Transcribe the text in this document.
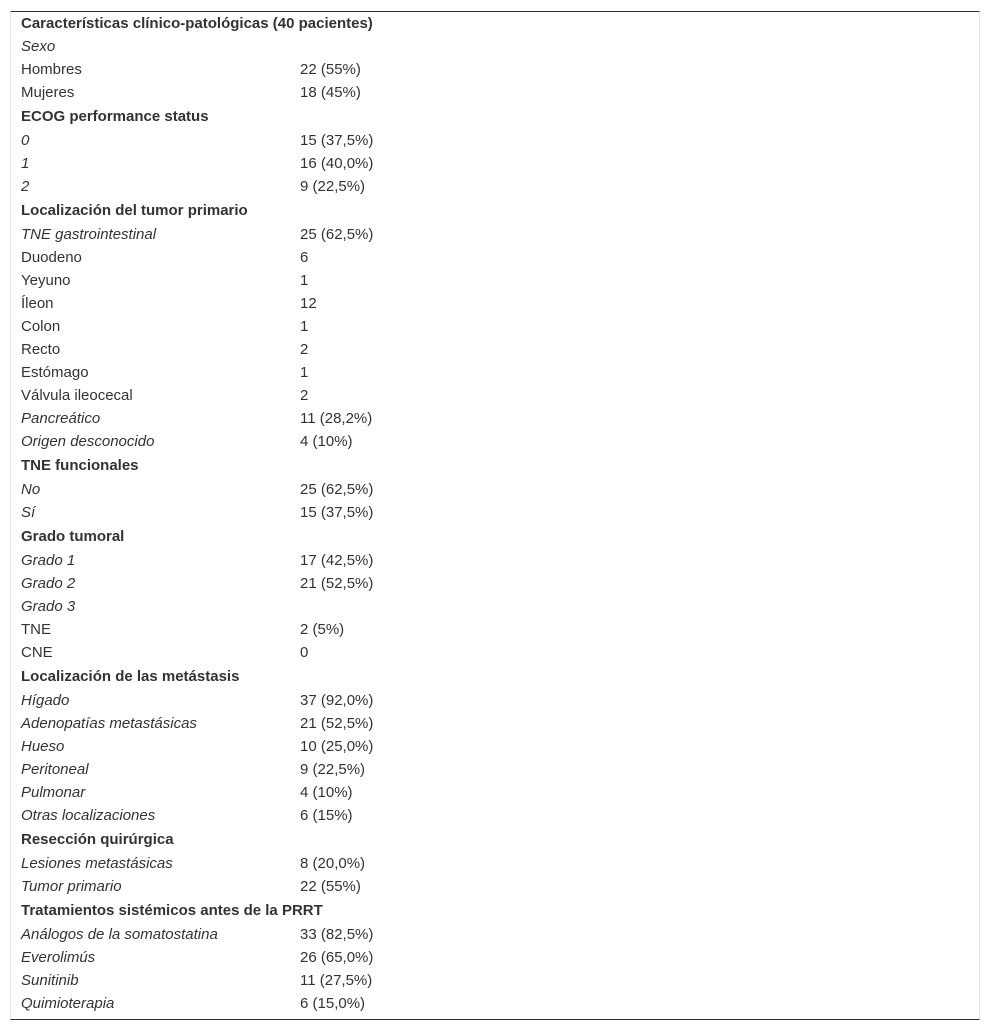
Características clínico-patológicas (40 pacientes)
Sexo
Hombres	22 (55%)
Mujeres	18 (45%)
ECOG performance status
0	15 (37,5%)
1	16 (40,0%)
2	9 (22,5%)
Localización del tumor primario
TNE gastrointestinal	25 (62,5%)
Duodeno	6
Yeyuno	1
Íleon	12
Colon	1
Recto	2
Estómago	1
Válvula ileocecal	2
Pancreático	11 (28,2%)
Origen desconocido	4 (10%)
TNE funcionales
No	25 (62,5%)
Sí	15 (37,5%)
Grado tumoral
Grado 1	17 (42,5%)
Grado 2	21 (52,5%)
Grado 3
TNE	2 (5%)
CNE	0
Localización de las metástasis
Hígado	37 (92,0%)
Adenopatías metastásicas	21 (52,5%)
Hueso	10 (25,0%)
Peritoneal	9 (22,5%)
Pulmonar	4 (10%)
Otras localizaciones	6 (15%)
Resección quirúrgica
Lesiones metastásicas	8 (20,0%)
Tumor primario	22 (55%)
Tratamientos sistémicos antes de la PRRT
Análogos de la somatostatina	33 (82,5%)
Everolimús	26 (65,0%)
Sunitinib	11 (27,5%)
Quimioterapia	6 (15,0%)
